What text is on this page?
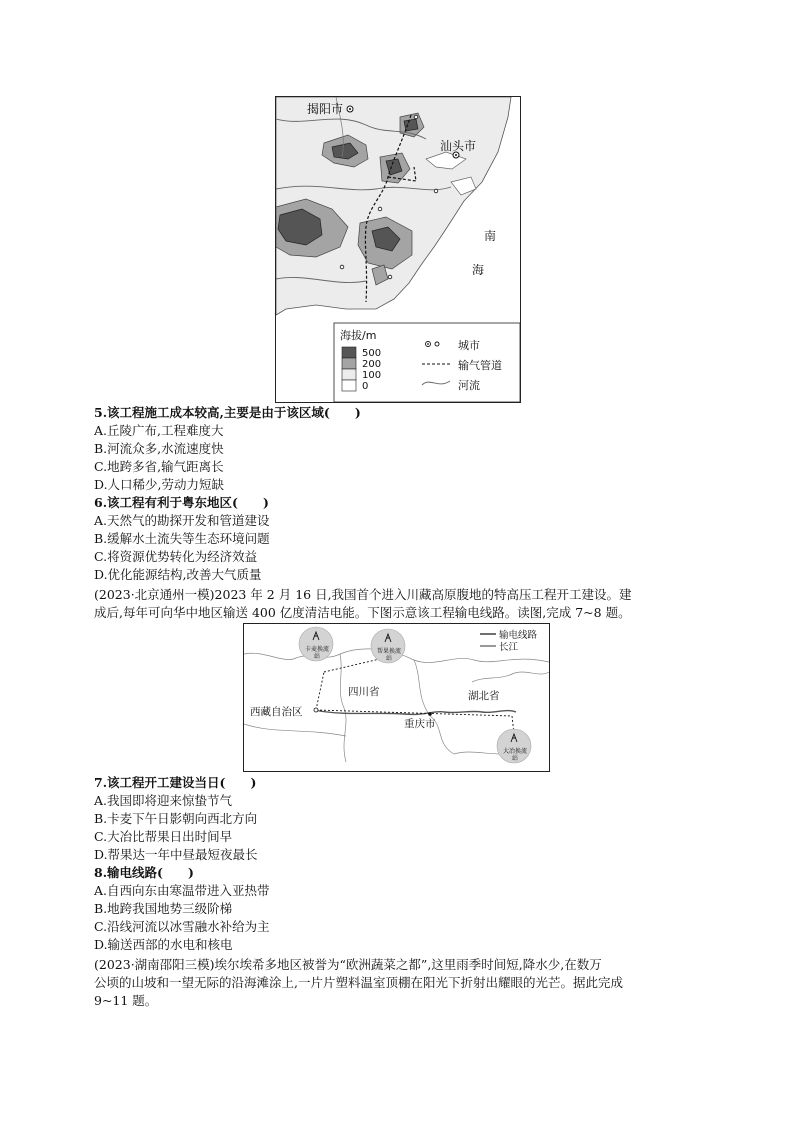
揭阳市
汕头市
南
海
海拔/m
500
200
100
0
城市
输气管道
河流
5.该工程施工成本较高,主要是由于该区域(　　)
A.丘陵广布,工程难度大
B.河流众多,水流速度快
C.地跨多省,输气距离长
D.人口稀少,劳动力短缺
6.该工程有利于粤东地区(　　)
A.天然气的勘探开发和管道建设
B.缓解水土流失等生态环境问题
C.将资源优势转化为经济效益
D.优化能源结构,改善大气质量
(2023·北京通州一模)2023 年 2 月 16 日,我国首个进入川藏高原腹地的特高压工程开工建设。建
成后,每年可向华中地区输送 400 亿度清洁电能。下图示意该工程输电线路。读图,完成 7~8 题。
输电线路
长江
卡麦换流站
帮果换流站
大冶换流站
四川省	湖北省
西藏自治区
重庆市
7.该工程开工建设当日(　　)
A.我国即将迎来惊蛰节气
B.卡麦下午日影朝向西北方向
C.大冶比帮果日出时间早
D.帮果达一年中昼最短夜最长
8.输电线路(　　)
A.自西向东由寒温带进入亚热带
B.地跨我国地势三级阶梯
C.沿线河流以冰雪融水补给为主
D.输送西部的水电和核电
(2023·湖南邵阳三模)埃尔埃希多地区被誉为“欧洲蔬菜之都”,这里雨季时间短,降水少,在数万
公顷的山坡和一望无际的沿海滩涂上,一片片塑料温室顶棚在阳光下折射出耀眼的光芒。据此完成
9~11 题。
